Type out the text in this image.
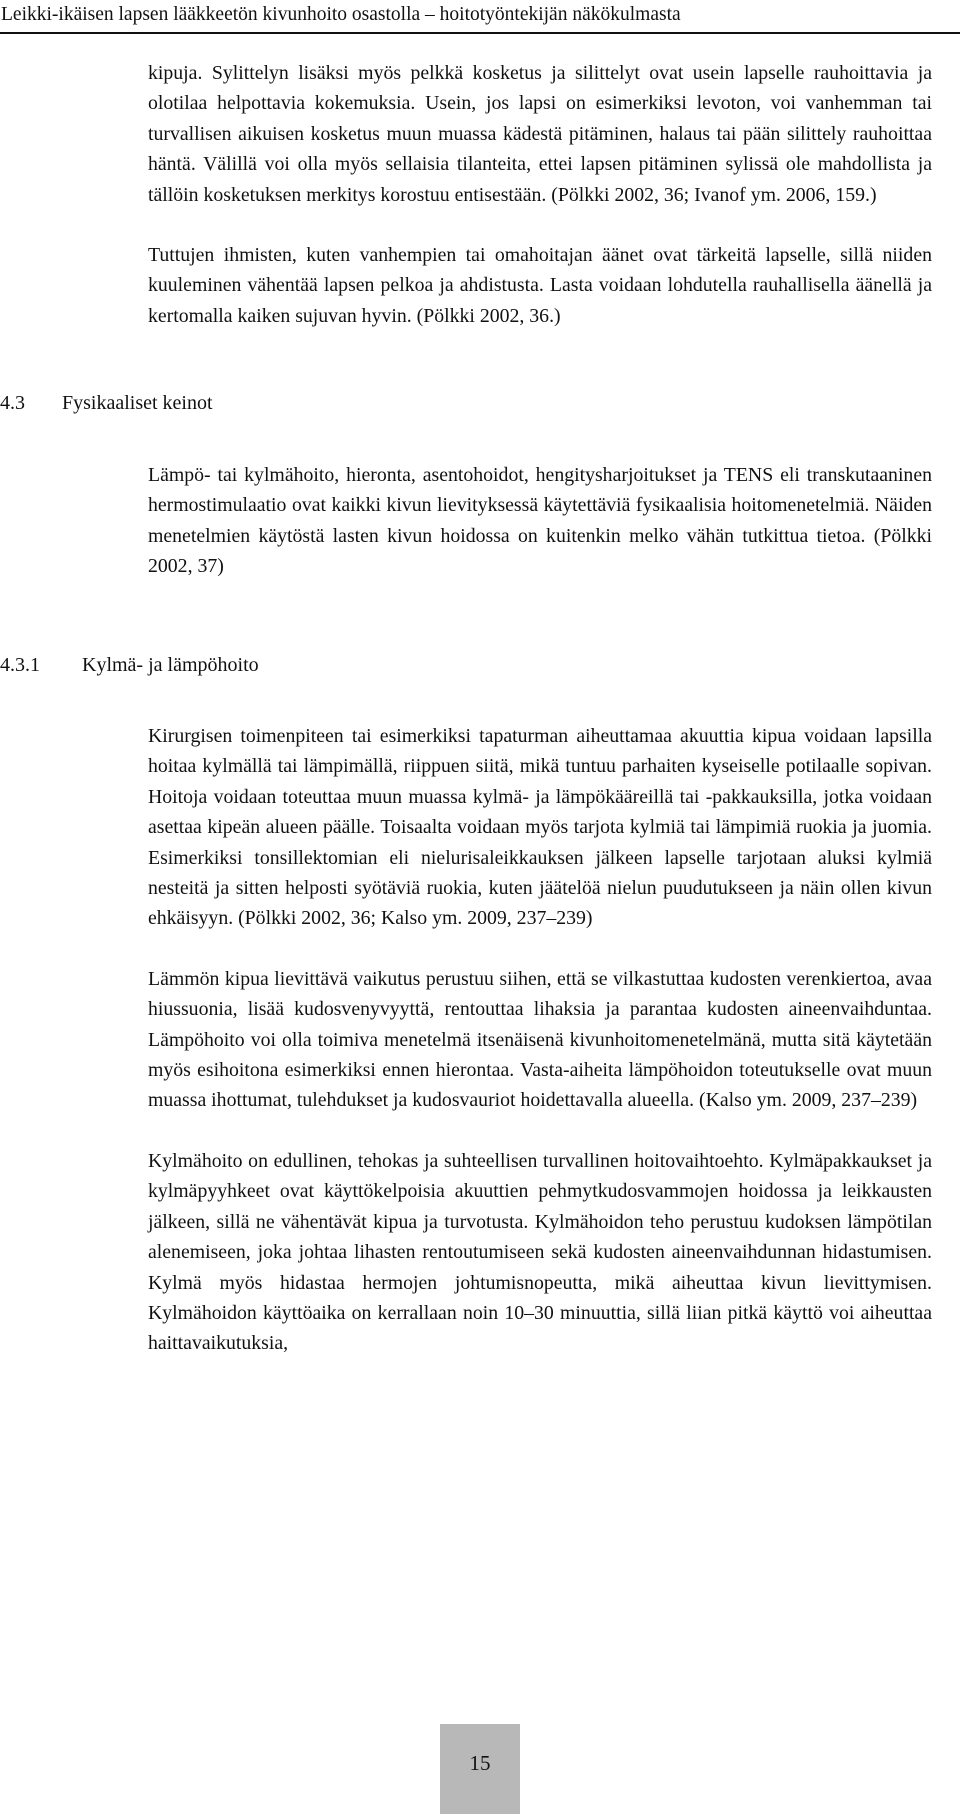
Leikki-ikäisen lapsen lääkkeetön kivunhoito osastolla – hoitotyöntekijän näkökulmasta

kipuja. Sylittelyn lisäksi myös pelkkä kosketus ja silittelyt ovat usein lapselle rauhoittavia ja olotilaa helpottavia kokemuksia. Usein, jos lapsi on esimerkiksi levoton, voi vanhemman tai turvallisen aikuisen kosketus muun muassa kädestä pitäminen, halaus tai pään silittely rauhoittaa häntä. Välillä voi olla myös sellaisia tilanteita, ettei lapsen pitäminen sylissä ole mahdollista ja tällöin kosketuksen merkitys korostuu entisestään. (Pölkki 2002, 36; Ivanof ym. 2006, 159.)

Tuttujen ihmisten, kuten vanhempien tai omahoitajan äänet ovat tärkeitä lapselle, sillä niiden kuuleminen vähentää lapsen pelkoa ja ahdistusta. Lasta voidaan lohdutella rauhallisella äänellä ja kertomalla kaiken sujuvan hyvin. (Pölkki 2002, 36.)

4.3 Fysikaaliset keinot

Lämpö- tai kylmähoito, hieronta, asentohoidot, hengitysharjoitukset ja TENS eli transkutaaninen hermostimulaatio ovat kaikki kivun lievityksessä käytettäviä fysikaalisia hoitomenetelmiä. Näiden menetelmien käytöstä lasten kivun hoidossa on kuitenkin melko vähän tutkittua tietoa. (Pölkki 2002, 37)

4.3.1 Kylmä- ja lämpöhoito

Kirurgisen toimenpiteen tai esimerkiksi tapaturman aiheuttamaa akuuttia kipua voidaan lapsilla hoitaa kylmällä tai lämpimällä, riippuen siitä, mikä tuntuu parhaiten kyseiselle potilaalle sopivan. Hoitoja voidaan toteuttaa muun muassa kylmä- ja lämpökääreillä tai -pakkauksilla, jotka voidaan asettaa kipeän alueen päälle. Toisaalta voidaan myös tarjota kylmiä tai lämpimiä ruokia ja juomia. Esimerkiksi tonsillektomian eli nielurisaleikkauksen jälkeen lapselle tarjotaan aluksi kylmiä nesteitä ja sitten helposti syötäviä ruokia, kuten jäätelöä nielun puudutukseen ja näin ollen kivun ehkäisyyn. (Pölkki 2002, 36; Kalso ym. 2009, 237–239)

Lämmön kipua lievittävä vaikutus perustuu siihen, että se vilkastuttaa kudosten verenkiertoa, avaa hiussuonia, lisää kudosvenyvyyttä, rentouttaa lihaksia ja parantaa kudosten aineenvaihduntaa. Lämpöhoito voi olla toimiva menetelmä itsenäisenä kivunhoitomenetelmänä, mutta sitä käytetään myös esihoitona esimerkiksi ennen hierontaa. Vasta-aiheita lämpöhoidon toteutukselle ovat muun muassa ihottumat, tulehdukset ja kudosvauriot hoidettavalla alueella. (Kalso ym. 2009, 237–239)

Kylmähoito on edullinen, tehokas ja suhteellisen turvallinen hoitovaihtoehto. Kylmäpakkaukset ja kylmäpyyhkeet ovat käyttökelpoisia akuuttien pehmytkudosvammojen hoidossa ja leikkausten jälkeen, sillä ne vähentävät kipua ja turvotusta. Kylmähoidon teho perustuu kudoksen lämpötilan alenemiseen, joka johtaa lihasten rentoutumiseen sekä kudosten aineenvaihdunnan hidastumisen. Kylmä myös hidastaa hermojen johtumisnopeutta, mikä aiheuttaa kivun lievittymisen. Kylmähoidon käyttöaika on kerrallaan noin 10–30 minuuttia, sillä liian pitkä käyttö voi aiheuttaa haittavaikutuksia,

15
